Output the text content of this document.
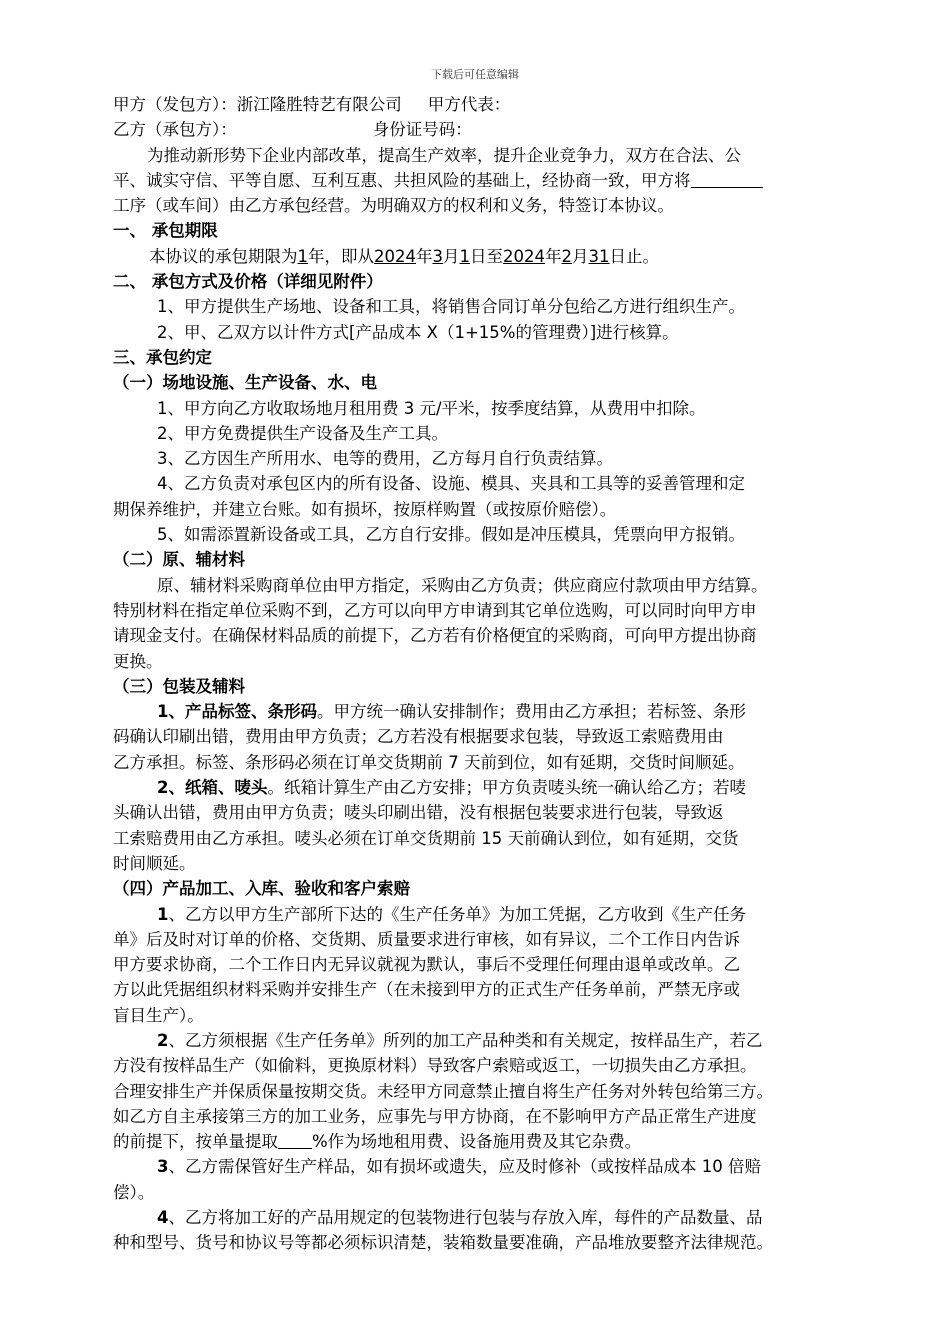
下载后可任意编辑
甲方（发包方）：浙江隆胜特艺有限公司 甲方代表：
乙方（承包方）：	身份证号码：
为推动新形势下企业内部改革，提高生产效率，提升企业竞争力，双方在合法、公
平、诚实守信、平等自愿、互利互惠、共担风险的基础上，经协商一致，甲方将
工序（或车间）由乙方承包经营。为明确双方的权利和义务，特签订本协议。
一、 承包期限
本协议的承包期限为1年，即从2024年3月1日至2024年2月31日止。
二、 承包方式及价格（详细见附件）
1、甲方提供生产场地、设备和工具，将销售合同订单分包给乙方进行组织生产。
2、甲、乙双方以计件方式[产品成本 X（1+15%的管理费）]进行核算。
三、承包约定
（一）场地设施、生产设备、水、电
1、甲方向乙方收取场地月租用费 3 元/平米，按季度结算，从费用中扣除。
2、甲方免费提供生产设备及生产工具。
3、乙方因生产所用水、电等的费用，乙方每月自行负责结算。
4、乙方负责对承包区内的所有设备、设施、模具、夹具和工具等的妥善管理和定
期保养维护，并建立台账。如有损坏，按原样购置（或按原价赔偿）。
5、如需添置新设备或工具，乙方自行安排。假如是冲压模具，凭票向甲方报销。
（二）原、辅材料
原、辅材料采购商单位由甲方指定，采购由乙方负责；供应商应付款项由甲方结算。
特别材料在指定单位采购不到，乙方可以向甲方申请到其它单位选购，可以同时向甲方申
请现金支付。在确保材料品质的前提下，乙方若有价格便宜的采购商，可向甲方提出协商
更换。
（三）包装及辅料
1、产品标签、条形码。甲方统一确认安排制作；费用由乙方承担；若标签、条形
码确认印刷出错，费用由甲方负责；乙方若没有根据要求包装，导致返工索赔费用由
乙方承担。标签、条形码必须在订单交货期前 7 天前到位，如有延期，交货时间顺延。
2、纸箱、唛头。纸箱计算生产由乙方安排；甲方负责唛头统一确认给乙方；若唛
头确认出错，费用由甲方负责；唛头印刷出错，没有根据包装要求进行包装，导致返
工索赔费用由乙方承担。唛头必须在订单交货期前 15 天前确认到位，如有延期，交货
时间顺延。
（四）产品加工、入库、验收和客户索赔
1、乙方以甲方生产部所下达的《生产任务单》为加工凭据，乙方收到《生产任务
单》后及时对订单的价格、交货期、质量要求进行审核，如有异议，二个工作日内告诉
甲方要求协商，二个工作日内无异议就视为默认，事后不受理任何理由退单或改单。乙
方以此凭据组织材料采购并安排生产（在未接到甲方的正式生产任务单前，严禁无序或
盲目生产）。
2、乙方须根据《生产任务单》所列的加工产品种类和有关规定，按样品生产，若乙
方没有按样品生产（如偷料，更换原材料）导致客户索赔或返工，一切损失由乙方承担。
合理安排生产并保质保量按期交货。未经甲方同意禁止擅自将生产任务对外转包给第三方。
如乙方自主承接第三方的加工业务，应事先与甲方协商，在不影响甲方产品正常生产进度
的前提下，按单量提取 %作为场地租用费、设备施用费及其它杂费。
3、乙方需保管好生产样品，如有损坏或遗失，应及时修补（或按样品成本 10 倍赔
偿）。
4、乙方将加工好的产品用规定的包装物进行包装与存放入库，每件的产品数量、品
种和型号、货号和协议号等都必须标识清楚，装箱数量要准确，产品堆放要整齐法律规范。
